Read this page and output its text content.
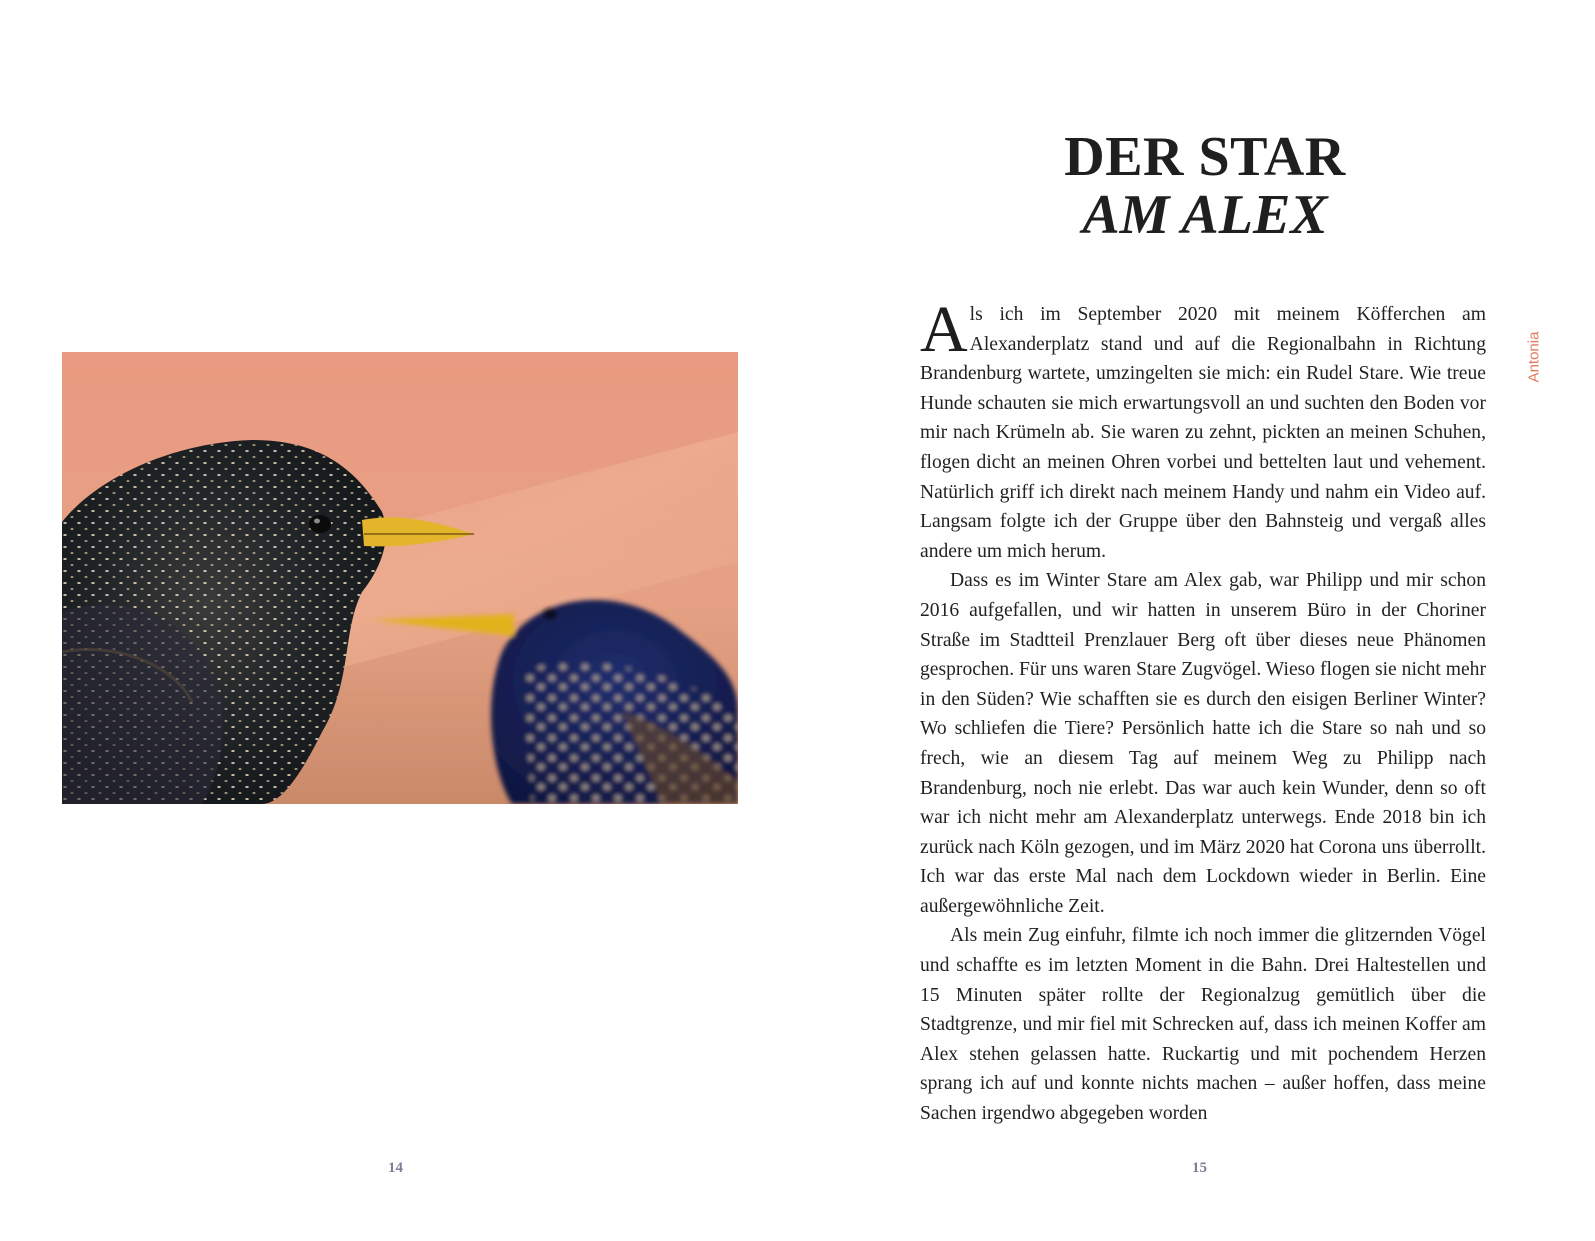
DER STAR
AM ALEX
Antonia

Als ich im September 2020 mit meinem Köfferchen am Alexanderplatz stand und auf die Regionalbahn in Richtung Brandenburg wartete, umzingelten sie mich: ein Rudel Stare. Wie treue Hunde schauten sie mich erwartungsvoll an und suchten den Boden vor mir nach Krümeln ab. Sie waren zu zehnt, pickten an meinen Schuhen, flogen dicht an meinen Ohren vorbei und bettelten laut und vehement. Natürlich griff ich direkt nach meinem Handy und nahm ein Video auf. Langsam folgte ich der Gruppe über den Bahnsteig und vergaß alles andere um mich herum.

Dass es im Winter Stare am Alex gab, war Philipp und mir schon 2016 aufgefallen, und wir hatten in unserem Büro in der Choriner Straße im Stadtteil Prenzlauer Berg oft über dieses neue Phänomen gesprochen. Für uns waren Stare Zugvögel. Wieso flogen sie nicht mehr in den Süden? Wie schafften sie es durch den eisigen Berliner Winter? Wo schliefen die Tiere? Persönlich hatte ich die Stare so nah und so frech, wie an diesem Tag auf meinem Weg zu Philipp nach Brandenburg, noch nie erlebt. Das war auch kein Wunder, denn so oft war ich nicht mehr am Alexanderplatz unterwegs. Ende 2018 bin ich zurück nach Köln gezogen, und im März 2020 hat Corona uns überrollt. Ich war das erste Mal nach dem Lockdown wieder in Berlin. Eine außergewöhnliche Zeit.

Als mein Zug einfuhr, filmte ich noch immer die glitzernden Vögel und schaffte es im letzten Moment in die Bahn. Drei Haltestellen und 15 Minuten später rollte der Regionalzug gemütlich über die Stadtgrenze, und mir fiel mit Schrecken auf, dass ich meinen Koffer am Alex stehen gelassen hatte. Ruckartig und mit pochendem Herzen sprang ich auf und konnte nichts machen – außer hoffen, dass meine Sachen irgendwo abgegeben worden

14	15
